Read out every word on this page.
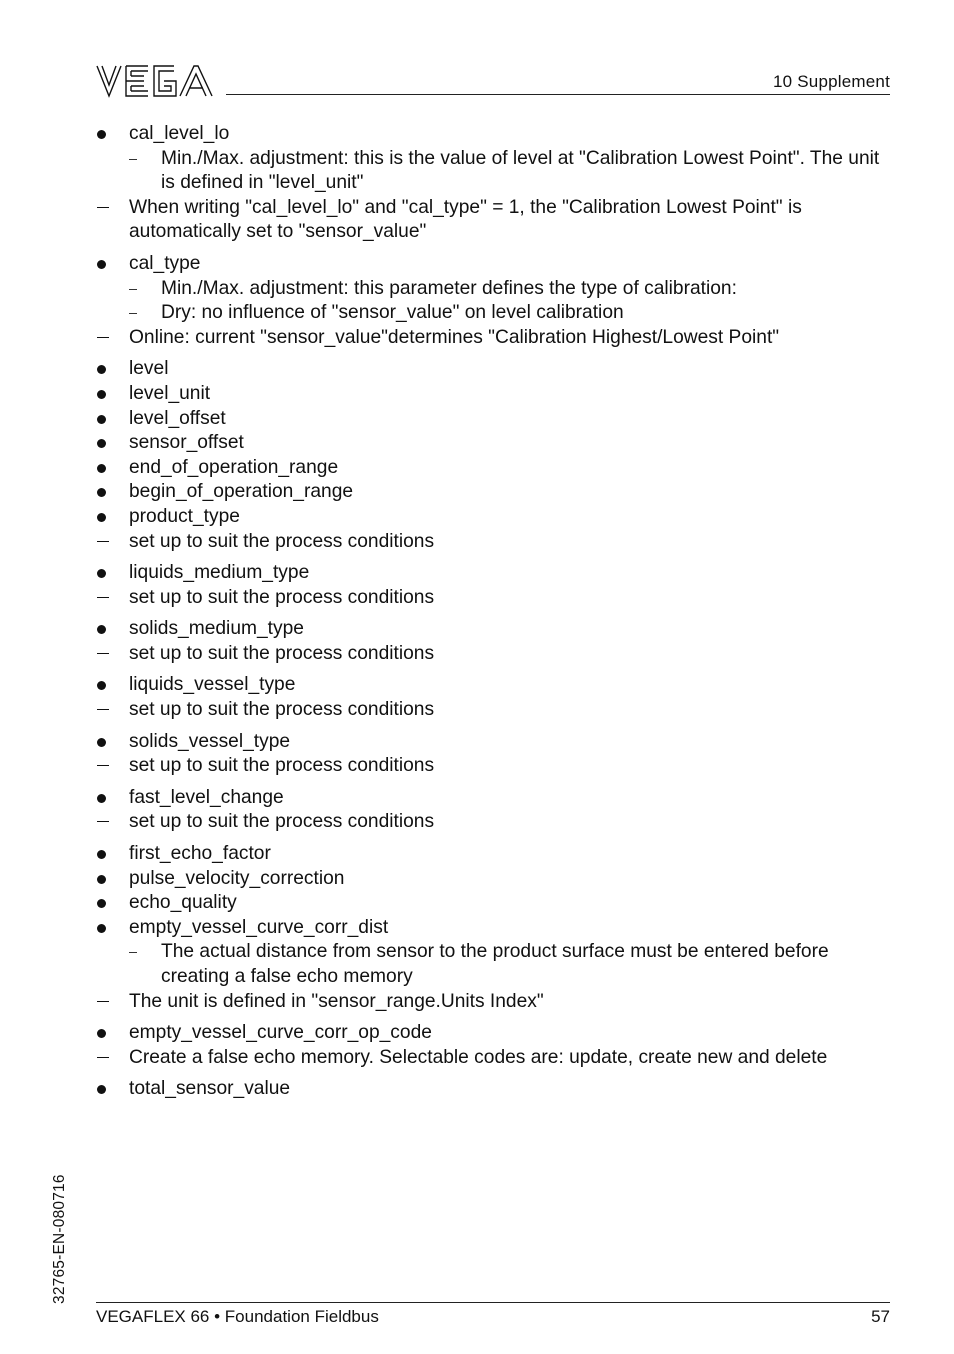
10 Supplement
cal_level_lo
Min./Max. adjustment: this is the value of level at "Calibration Lowest Point". The unit is defined in "level_unit"
When writing "cal_level_lo" and "cal_type" = 1, the "Calibration Lowest Point" is automatically set to "sensor_value"
cal_type
Min./Max. adjustment: this parameter defines the type of calibration:
Dry: no influence of "sensor_value" on level calibration
Online: current "sensor_value"determines "Calibration Highest/Lowest Point"
level
level_unit
level_offset
sensor_offset
end_of_operation_range
begin_of_operation_range
product_type
set up to suit the process conditions
liquids_medium_type
set up to suit the process conditions
solids_medium_type
set up to suit the process conditions
liquids_vessel_type
set up to suit the process conditions
solids_vessel_type
set up to suit the process conditions
fast_level_change
set up to suit the process conditions
first_echo_factor
pulse_velocity_correction
echo_quality
empty_vessel_curve_corr_dist
The actual distance from sensor to the product surface must be entered before creating a false echo memory
The unit is defined in "sensor_range.Units Index"
empty_vessel_curve_corr_op_code
Create a false echo memory. Selectable codes are: update, create new and delete
total_sensor_value
32765-EN-080716
VEGAFLEX 66 • Foundation Fieldbus	57
